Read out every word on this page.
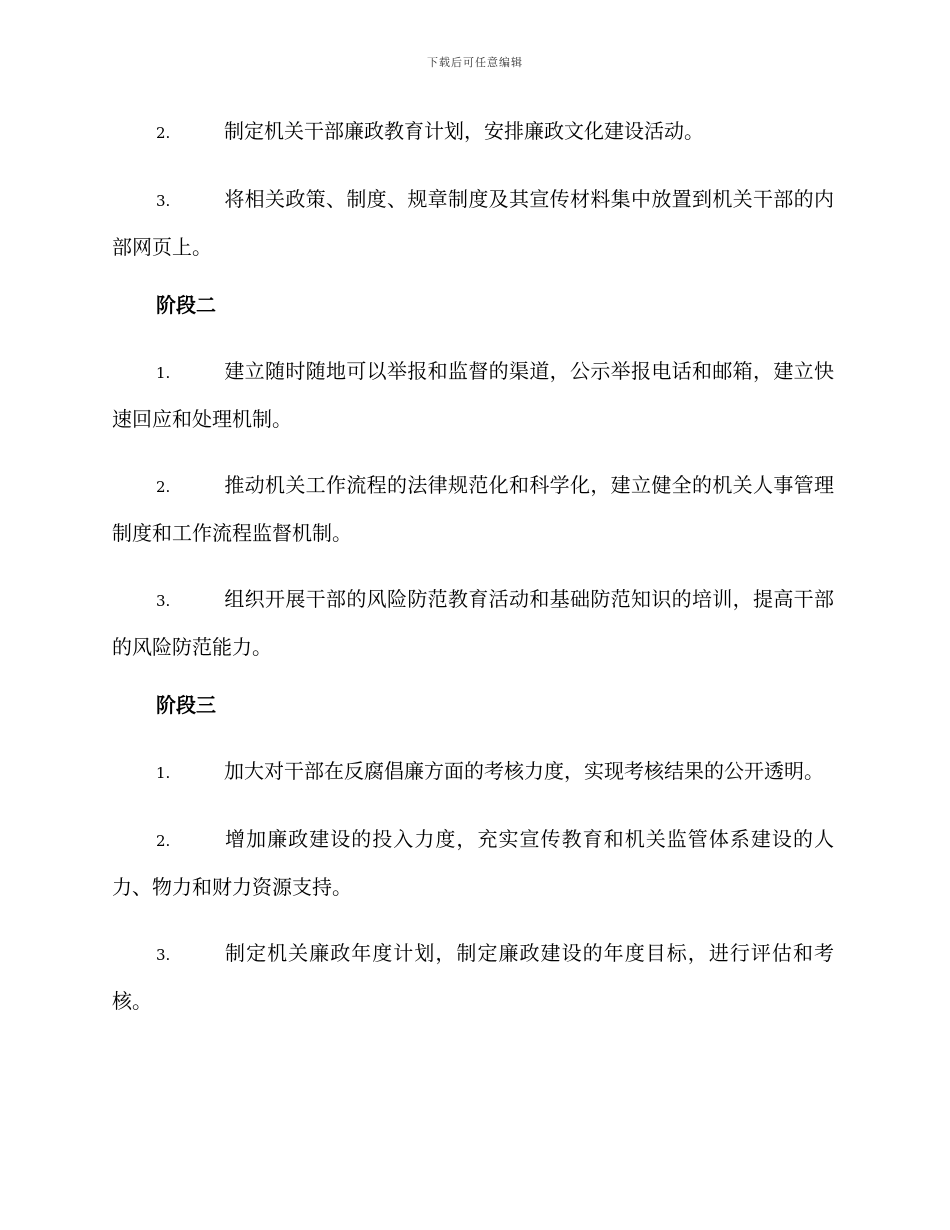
下载后可任意编辑

2.	制定机关干部廉政教育计划，安排廉政文化建设活动。

3.	将相关政策、制度、规章制度及其宣传材料集中放置到机关干部的内部网页上。

阶段二

1.	建立随时随地可以举报和监督的渠道，公示举报电话和邮箱，建立快速回应和处理机制。

2.	推动机关工作流程的法律规范化和科学化，建立健全的机关人事管理制度和工作流程监督机制。

3.	组织开展干部的风险防范教育活动和基础防范知识的培训，提高干部的风险防范能力。

阶段三

1.	加大对干部在反腐倡廉方面的考核力度，实现考核结果的公开透明。

2.	增加廉政建设的投入力度，充实宣传教育和机关监管体系建设的人力、物力和财力资源支持。

3.	制定机关廉政年度计划，制定廉政建设的年度目标，进行评估和考核。
